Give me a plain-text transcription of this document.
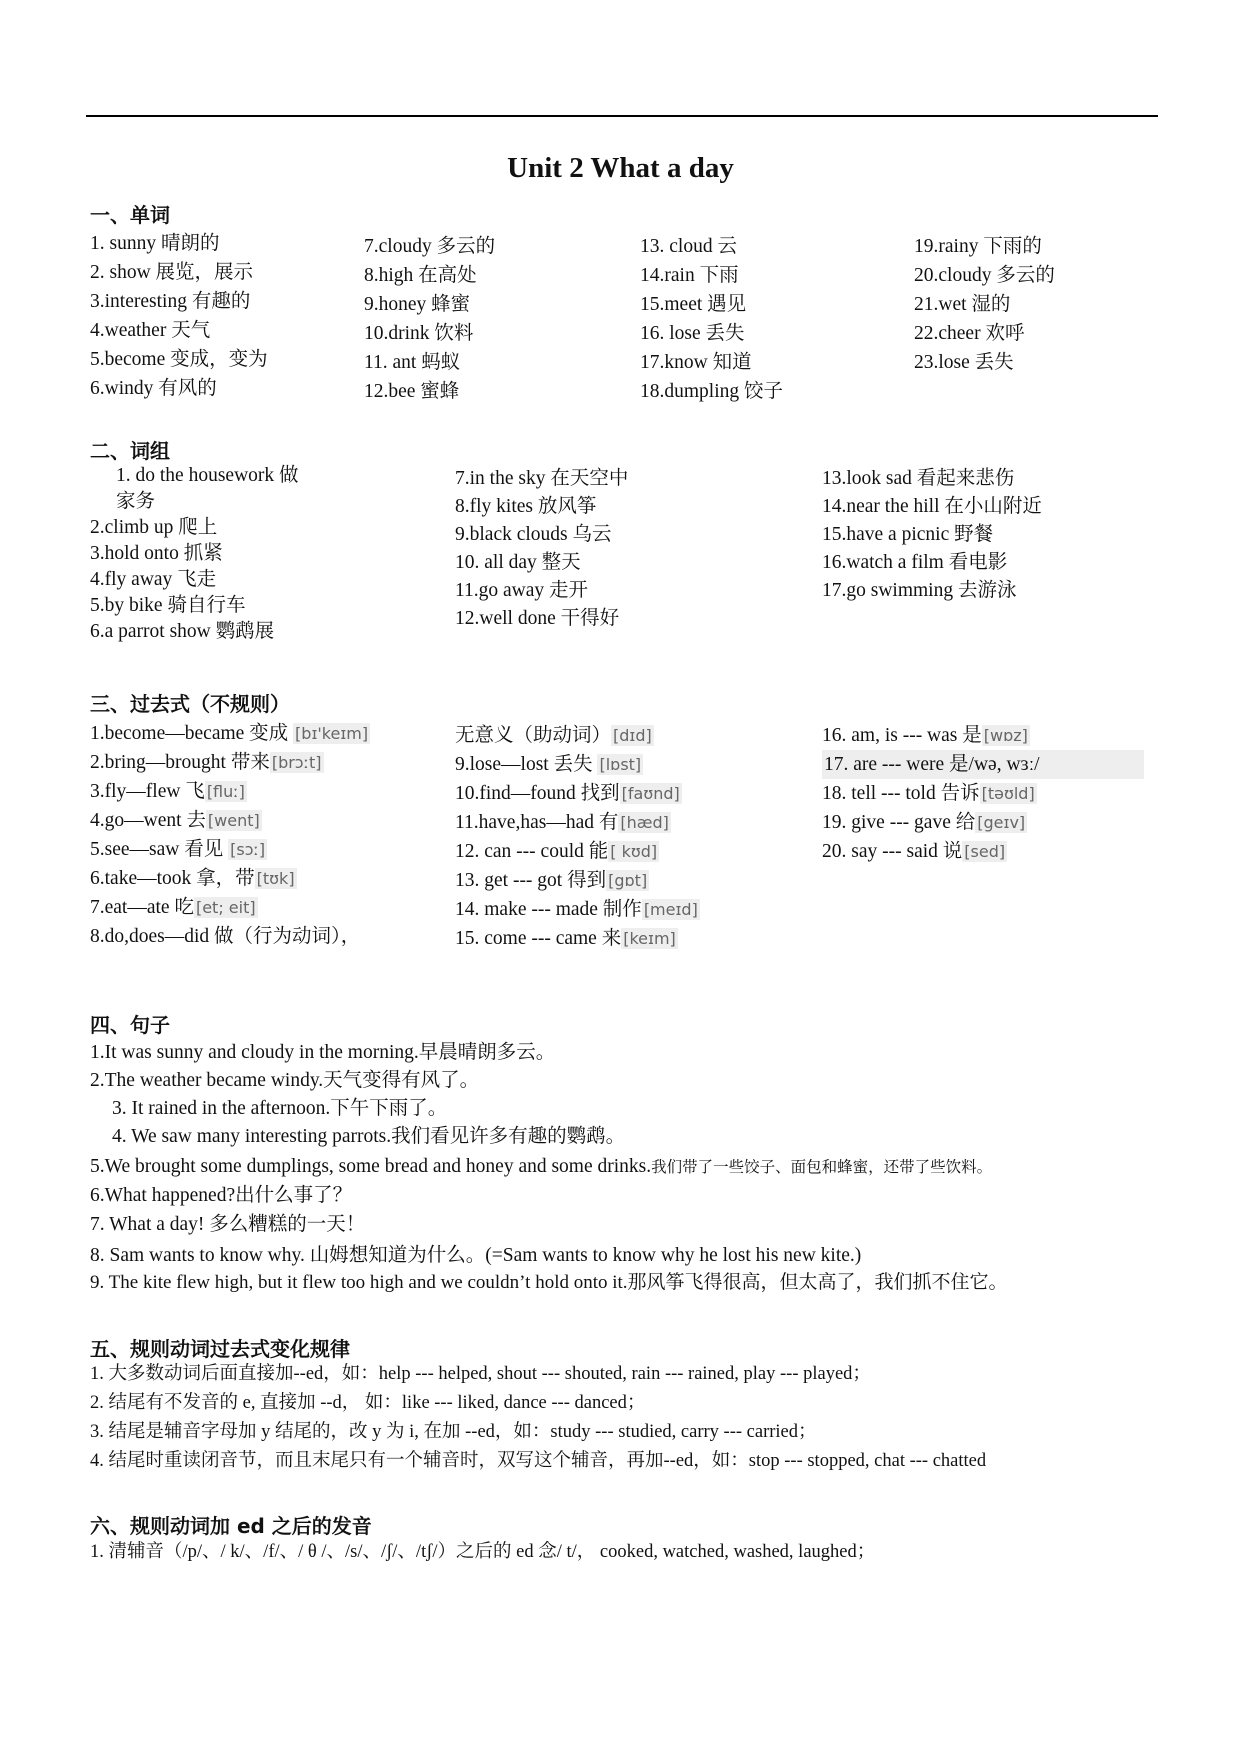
Unit 2 What a day
一、单词
1. sunny 晴朗的
2. show 展览，展示
3.interesting 有趣的
4.weather 天气
5.become 变成，变为
6.windy 有风的
7.cloudy 多云的
8.high 在高处
9.honey 蜂蜜
10.drink 饮料
11. ant 蚂蚁
12.bee 蜜蜂
13. cloud 云
14.rain 下雨
15.meet 遇见
16. lose 丢失
17.know 知道
18.dumpling 饺子
19.rainy 下雨的
20.cloudy 多云的
21.wet 湿的
22.cheer 欢呼
23.lose 丢失
二、词组
1. do the housework 做
家务
2.climb up 爬上
3.hold onto 抓紧
4.fly away 飞走
5.by bike 骑自行车
6.a parrot show 鹦鹉展
7.in the sky 在天空中
8.fly kites 放风筝
9.black clouds 乌云
10. all day 整天
11.go away 走开
12.well done 干得好
13.look sad 看起来悲伤
14.near the hill 在小山附近
15.have a picnic 野餐
16.watch a film 看电影
17.go swimming 去游泳
三、过去式（不规则）
1.become—became 变成 [bɪ'keɪm]
2.bring—brought 带来 [brɔːt]
3.fly—flew 飞 [fluː]
4.go—went 去 [went]
5.see—saw 看见 [sɔː]
6.take—took 拿，带 [tʊk]
7.eat—ate 吃 [et; eit]
8.do,does—did 做（行为动词），
无意义（助动词） [dɪd]
9.lose—lost 丢失 [lɒst]
10.find—found 找到 [faʊnd]
11.have,has—had 有 [hæd]
12. can --- could 能 [ kʊd]
13. get --- got 得到 [gɒt]
14. make --- made 制作 [meɪd]
15. come --- came 来 [keɪm]
16. am, is --- was 是 [wɒz]
17. are --- were 是/wə, wɜː/
18. tell --- told 告诉 [təʊld]
19. give --- gave 给 [geɪv]
20. say --- said 说 [sed]
四、句子
1.It was sunny and cloudy in the morning.早晨晴朗多云。
2.The weather became windy.天气变得有风了。
3. It rained in the afternoon.下午下雨了。
4. We saw many interesting parrots.我们看见许多有趣的鹦鹉。
5.We brought some dumplings, some bread and honey and some drinks.我们带了一些饺子、面包和蜂蜜，还带了些饮料。
6.What happened?出什么事了？
7. What a day! 多么糟糕的一天！
8. Sam wants to know why. 山姆想知道为什么。(=Sam wants to know why he lost his new kite.)
9. The kite flew high, but it flew too high and we couldn’t hold onto it.那风筝飞得很高，但太高了，我们抓不住它。
五、规则动词过去式变化规律
1. 大多数动词后面直接加--ed，如：help --- helped, shout --- shouted, rain --- rained, play --- played；
2. 结尾有不发音的 e, 直接加 --d， 如：like --- liked, dance --- danced；
3. 结尾是辅音字母加 y 结尾的，改 y 为 i, 在加 --ed，如：study --- studied, carry --- carried；
4. 结尾时重读闭音节，而且末尾只有一个辅音时，双写这个辅音，再加--ed，如：stop --- stopped, chat --- chatted
六、规则动词加 ed 之后的发音
1. 清辅音（/p/、/ k/、/f/、/ θ /、/s/、/ʃ/、/tʃ/）之后的 ed 念/ t/， cooked, watched, washed, laughed；
